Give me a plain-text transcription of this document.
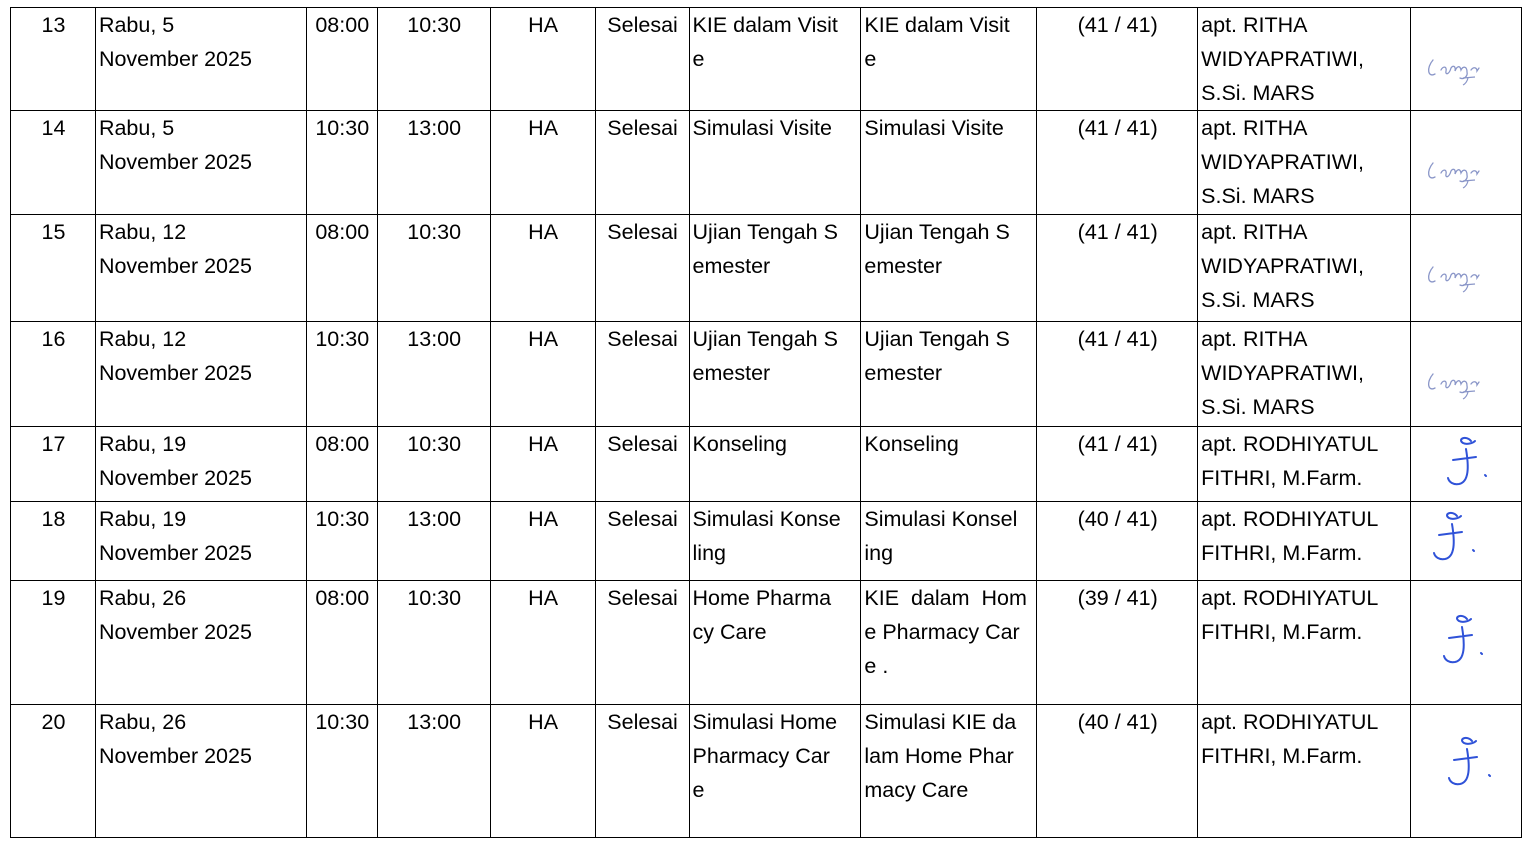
13	Rabu, 5
November 2025	08:00	10:30	HA	Selesai	KIE dalam Visit
e	KIE dalam Visit
e	(41 / 41)	apt. RITHA
WIDYAPRATIWI,
S.Si. MARS	

14	Rabu, 5
November 2025	10:30	13:00	HA	Selesai	Simulasi Visite	Simulasi Visite	(41 / 41)	apt. RITHA
WIDYAPRATIWI,
S.Si. MARS	

15	Rabu, 12
November 2025	08:00	10:30	HA	Selesai	Ujian Tengah S
emester	Ujian Tengah S
emester	(41 / 41)	apt. RITHA
WIDYAPRATIWI,
S.Si. MARS	

16	Rabu, 12
November 2025	10:30	13:00	HA	Selesai	Ujian Tengah S
emester	Ujian Tengah S
emester	(41 / 41)	apt. RITHA
WIDYAPRATIWI,
S.Si. MARS	

17	Rabu, 19
November 2025	08:00	10:30	HA	Selesai	Konseling	Konseling	(41 / 41)	apt. RODHIYATUL
FITHRI, M.Farm.	

18	Rabu, 19
November 2025	10:30	13:00	HA	Selesai	Simulasi Konse
ling	Simulasi Konsel
ing	(40 / 41)	apt. RODHIYATUL
FITHRI, M.Farm.	

19	Rabu, 26
November 2025	08:00	10:30	HA	Selesai	Home Pharma
cy Care	KIE  dalam  Hom
e Pharmacy Car
e .	(39 / 41)	apt. RODHIYATUL
FITHRI, M.Farm.	

20	Rabu, 26
November 2025	10:30	13:00	HA	Selesai	Simulasi Home
Pharmacy Car
e	Simulasi KIE da
lam Home Phar
macy Care	(40 / 41)	apt. RODHIYATUL
FITHRI, M.Farm.	
